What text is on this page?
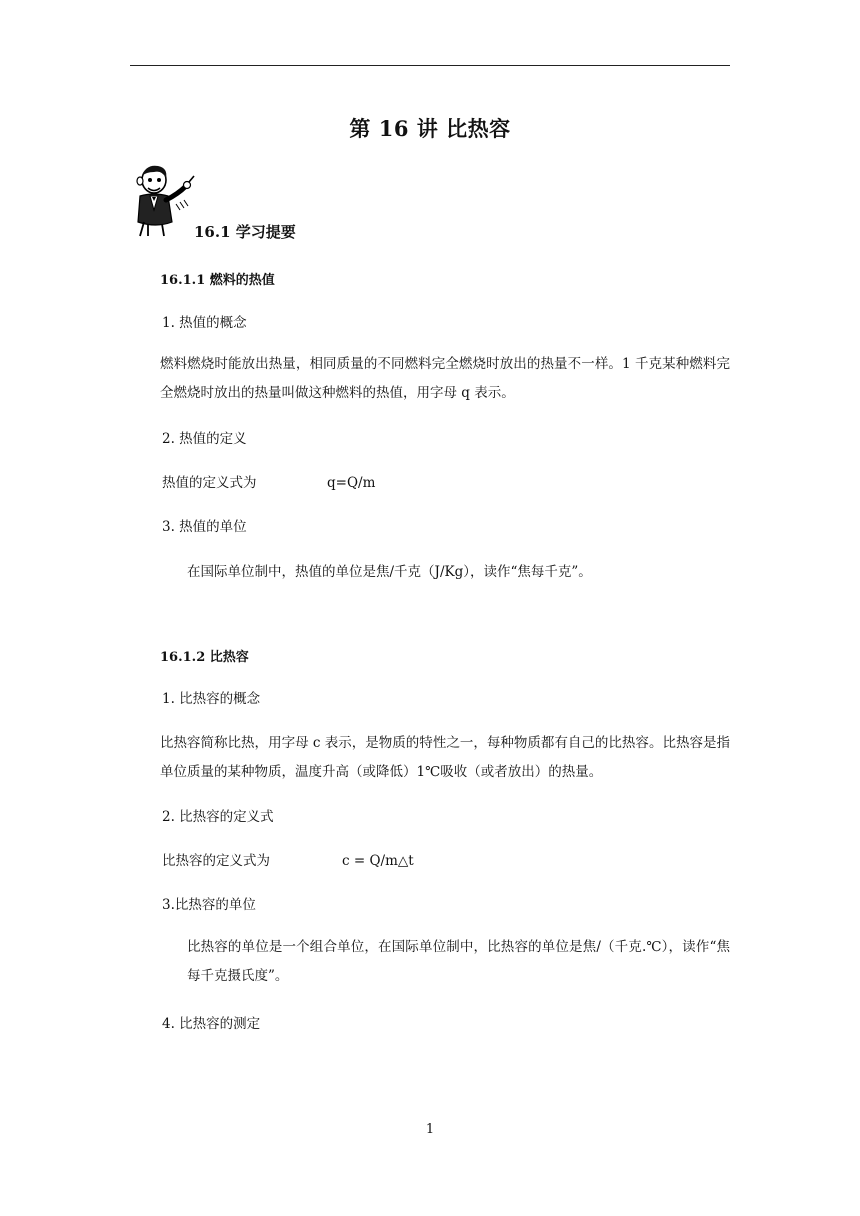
第 16 讲 比热容
16.1 学习提要
16.1.1 燃料的热值
1. 热值的概念
燃料燃烧时能放出热量，相同质量的不同燃料完全燃烧时放出的热量不一样。1 千克某种燃料完全燃烧时放出的热量叫做这种燃料的热值，用字母 q 表示。
2. 热值的定义
热值的定义式为	q=Q/m
3. 热值的单位
在国际单位制中，热值的单位是焦/千克（J/Kg），读作“焦每千克”。
16.1.2 比热容
1. 比热容的概念
比热容简称比热，用字母 c 表示，是物质的特性之一，每种物质都有自己的比热容。比热容是指单位质量的某种物质，温度升高（或降低）1℃吸收（或者放出）的热量。
2. 比热容的定义式
比热容的定义式为	c = Q/m△t
3.比热容的单位
比热容的单位是一个组合单位，在国际单位制中，比热容的单位是焦/（千克.℃），读作“焦每千克摄氏度”。
4. 比热容的测定
1
